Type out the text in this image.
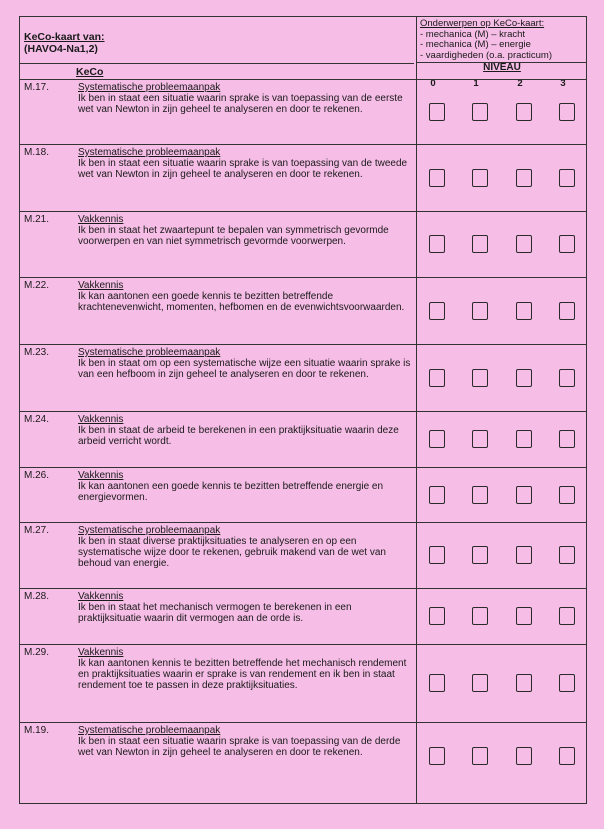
KeCo-kaart van:
(HAVO4-Na1,2)
Onderwerpen op KeCo-kaart:
- mechanica (M) – kracht
- mechanica (M) – energie
- vaardigheden (o.a. practicum)
KeCo	NIVEAU
0	1	2	3
M.17.	Systematische probleemaanpak
Ik ben in staat een situatie waarin sprake is van toepassing van de eerste wet van Newton in zijn geheel te analyseren en door te rekenen.
M.18.	Systematische probleemaanpak
Ik ben in staat een situatie waarin sprake is van toepassing van de tweede wet van Newton in zijn geheel te analyseren en door te rekenen.
M.21.	Vakkennis
Ik ben in staat het zwaartepunt te bepalen van symmetrisch gevormde voorwerpen en van niet symmetrisch gevormde voorwerpen.
M.22.	Vakkennis
Ik kan aantonen een goede kennis te bezitten betreffende krachtenevenwicht, momenten, hefbomen en de evenwichtsvoorwaarden.
M.23.	Systematische probleemaanpak
Ik ben in staat om op een systematische wijze een situatie waarin sprake is van een hefboom in zijn geheel te analyseren en door te rekenen.
M.24.	Vakkennis
Ik ben in staat de arbeid te berekenen in een praktijksituatie waarin deze arbeid verricht wordt.
M.26.	Vakkennis
Ik kan aantonen een goede kennis te bezitten betreffende energie en energievormen.
M.27.	Systematische probleemaanpak
Ik ben in staat diverse praktijksituaties te analyseren en op een systematische wijze door te rekenen, gebruik makend van de wet van behoud van energie.
M.28.	Vakkennis
Ik ben in staat het mechanisch vermogen te berekenen in een praktijksituatie waarin dit vermogen aan de orde is.
M.29.	Vakkennis
Ik kan aantonen kennis te bezitten betreffende het mechanisch rendement en praktijksituaties waarin er sprake is van rendement en ik ben in staat rendement toe te passen in deze praktijksituaties.
M.19.	Systematische probleemaanpak
Ik ben in staat een situatie waarin sprake is van toepassing van de derde wet van Newton in zijn geheel te analyseren en door te rekenen.
